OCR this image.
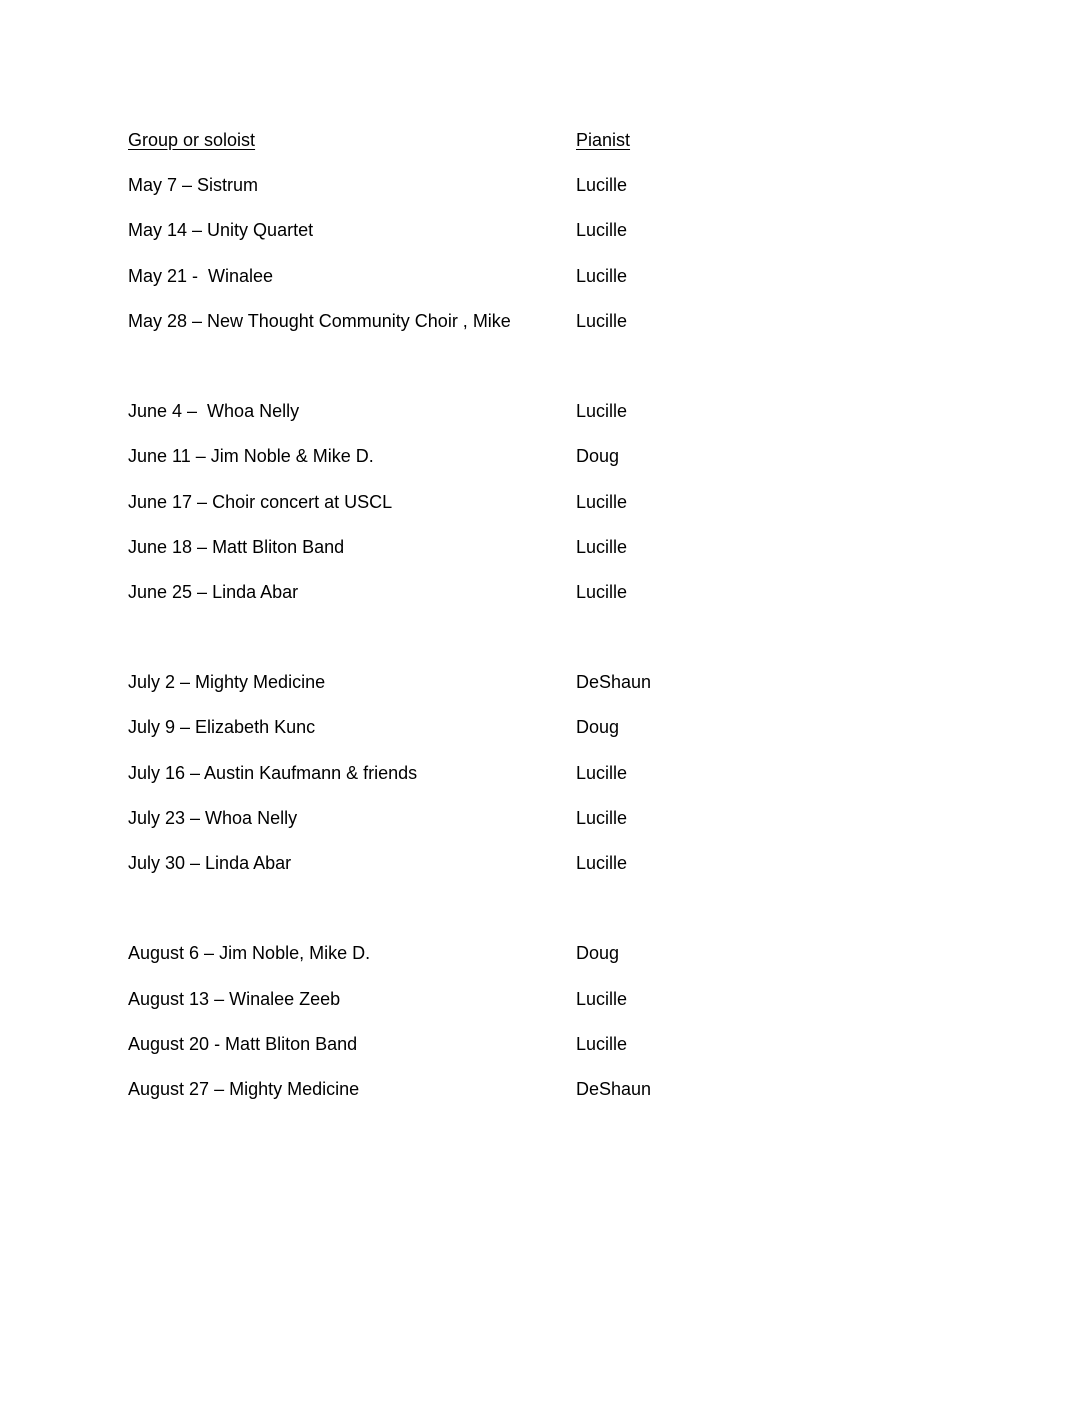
Group or soloist	Pianist
May 7 – Sistrum	Lucille
May 14 – Unity Quartet	Lucille
May 21 -  Winalee	Lucille
May 28 – New Thought Community Choir , Mike	Lucille
June 4 –  Whoa Nelly	Lucille
June 11 – Jim Noble & Mike D.	Doug
June 17 – Choir concert at USCL	Lucille
June 18 – Matt Bliton Band	Lucille
June 25 – Linda Abar	Lucille
July 2 – Mighty Medicine	DeShaun
July 9 – Elizabeth Kunc	Doug
July 16 – Austin Kaufmann & friends	Lucille
July 23 – Whoa Nelly	Lucille
July 30 – Linda Abar	Lucille
August 6 – Jim Noble, Mike D.	Doug
August 13 – Winalee Zeeb	Lucille
August 20 - Matt Bliton Band	Lucille
August 27 – Mighty Medicine	DeShaun
